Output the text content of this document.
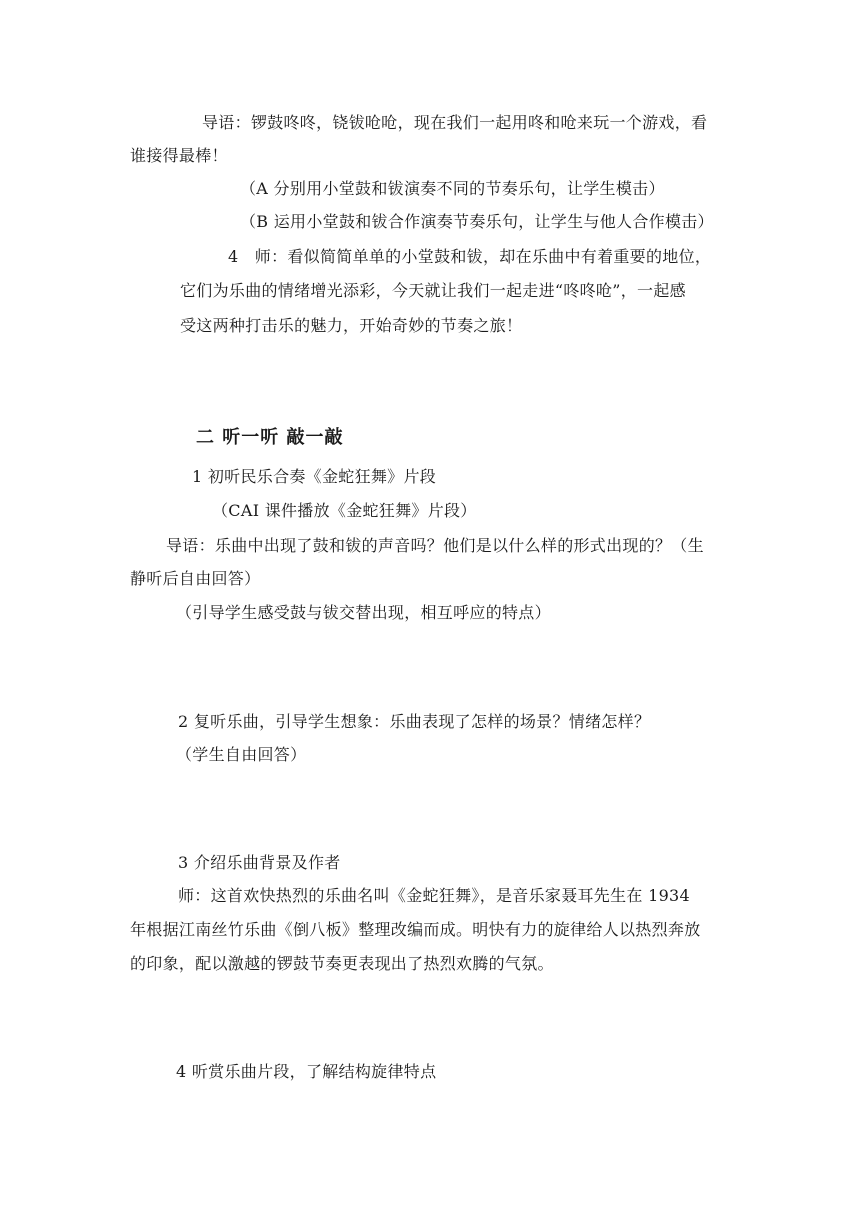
导语：锣鼓咚咚，铙钹呛呛，现在我们一起用咚和呛来玩一个游戏，看
谁接得最棒！
（A 分别用小堂鼓和钹演奏不同的节奏乐句，让学生模击）
（B 运用小堂鼓和钹合作演奏节奏乐句，让学生与他人合作模击）
4　师：看似简简单单的小堂鼓和钹，却在乐曲中有着重要的地位，
它们为乐曲的情绪增光添彩，今天就让我们一起走进“咚咚呛”，一起感
受这两种打击乐的魅力，开始奇妙的节奏之旅！
二 听一听 敲一敲
1 初听民乐合奏《金蛇狂舞》片段
（CAI 课件播放《金蛇狂舞》片段）
导语：乐曲中出现了鼓和钹的声音吗？他们是以什么样的形式出现的？（生
静听后自由回答）
（引导学生感受鼓与钹交替出现，相互呼应的特点）
2 复听乐曲，引导学生想象：乐曲表现了怎样的场景？情绪怎样？
（学生自由回答）
3 介绍乐曲背景及作者
师：这首欢快热烈的乐曲名叫《金蛇狂舞》，是音乐家聂耳先生在 1934
年根据江南丝竹乐曲《倒八板》整理改编而成。明快有力的旋律给人以热烈奔放
的印象，配以激越的锣鼓节奏更表现出了热烈欢腾的气氛。
4 听赏乐曲片段，了解结构旋律特点
